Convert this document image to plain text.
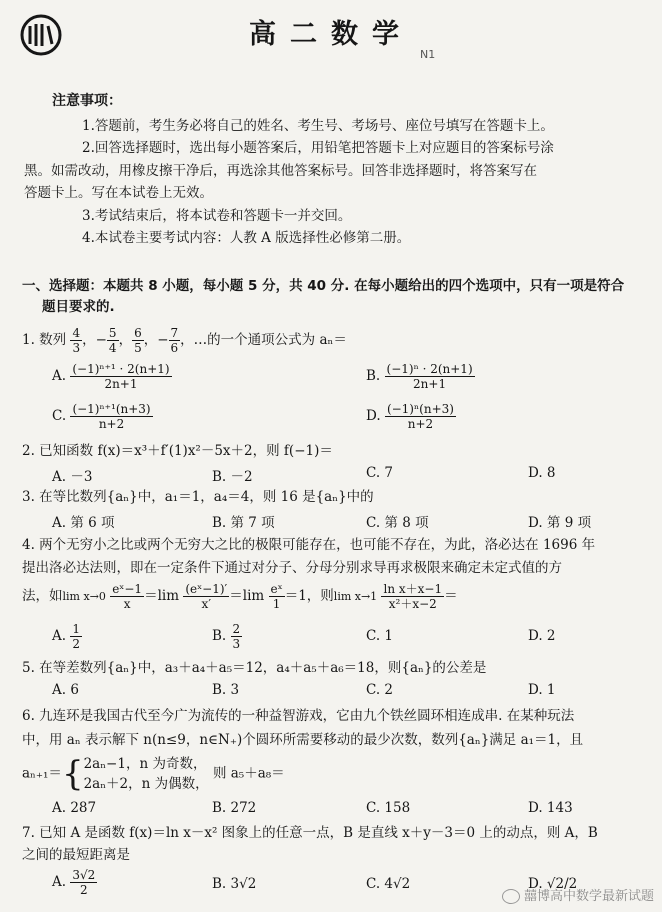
高二数学
N1
注意事项：

1.答题前，考生务必将自己的姓名、考生号、考场号、座位号填写在答题卡上。

2.回答选择题时，选出每小题答案后，用铅笔把答题卡上对应题目的答案标号涂

黑。如需改动，用橡皮擦干净后，再选涂其他答案标号。回答非选择题时，将答案写在

答题卡上。写在本试卷上无效。

3.考试结束后，将本试卷和答题卡一并交回。

4.本试卷主要考试内容：人教 A 版选择性必修第二册。

一、选择题：本题共 8 小题，每小题 5 分，共 40 分. 在每小题给出的四个选项中，只有一项是符合
题目要求的.
1. 数列 $\frac{4}{3}$ ，− $\frac{5}{4}$ ， $\frac{6}{5}$ ，− $\frac{7}{6}$ ，…的一个通项公式为 aₙ＝
A. $\frac{\text{(−1)ⁿ⁺¹ · 2(n+1)}}{2n+1}$	B. $\frac{\text{(−1)ⁿ · 2(n+1)}}{2n+1}$
C. $\frac{\text{(−1)ⁿ⁺¹(n+3)}}{n+2}$	D. $\frac{\text{(−1)ⁿ(n+3)}}{n+2}$
2. 已知函数 f(x)＝x³＋f′(1)x²－5x＋2，则 f(−1)＝
A. －3	B. －2	C. 7	D. 8
3. 在等比数列{aₙ}中，a₁＝1，a₄＝4，则 16 是{aₙ}中的
A. 第 6 项	B. 第 7 项	C. 第 8 项	D. 第 9 项
4. 两个无穷小之比或两个无穷大之比的极限可能存在，也可能不存在，为此，洛必达在 1696 年
提出洛必达法则，即在一定条件下通过对分子、分母分别求导再求极限来确定未定式值的方
法，如$\lim x\to 0 \frac{\text{eˣ−1}}{x} =\lim \frac{\text{(eˣ−1)′}}{x'} =\lim \frac{\text{eˣ}}{1} =1$，则$\lim x\to 1 \frac{\text{ln x＋x−1}}{\text{x²＋x−2}}$ ＝
A. $\frac{1}{2}$	B. $\frac{2}{3}$	C. 1	D. 2
5. 在等差数列{aₙ}中，a₃＋a₄＋a₅＝12，a₄＋a₅＋a₆＝18，则{aₙ}的公差是
A. 6	B. 3	C. 2	D. 1
6. 九连环是我国古代至今广为流传的一种益智游戏，它由九个铁丝圆环相连成串. 在某种玩法
中，用 aₙ 表示解下 n(n≤9，n∈N₊)个圆环所需要移动的最少次数，数列{aₙ}满足 a₁＝1，且
aₙ₊₁＝{ 2aₙ−1，n 为奇数，
2aₙ＋2，n 为偶数，
则 a₅＋a₈＝
A. 287	B. 272	C. 158	D. 143
7. 已知 A 是函数 f(x)＝ln x－x² 图象上的任意一点，B 是直线 x＋y－3＝0 上的动点，则 A，B
之间的最短距离是
A. $\frac{3√2}{2}$	B. 3√2	C. 4√2	D. √2/2
囍博高中数学最新试题
